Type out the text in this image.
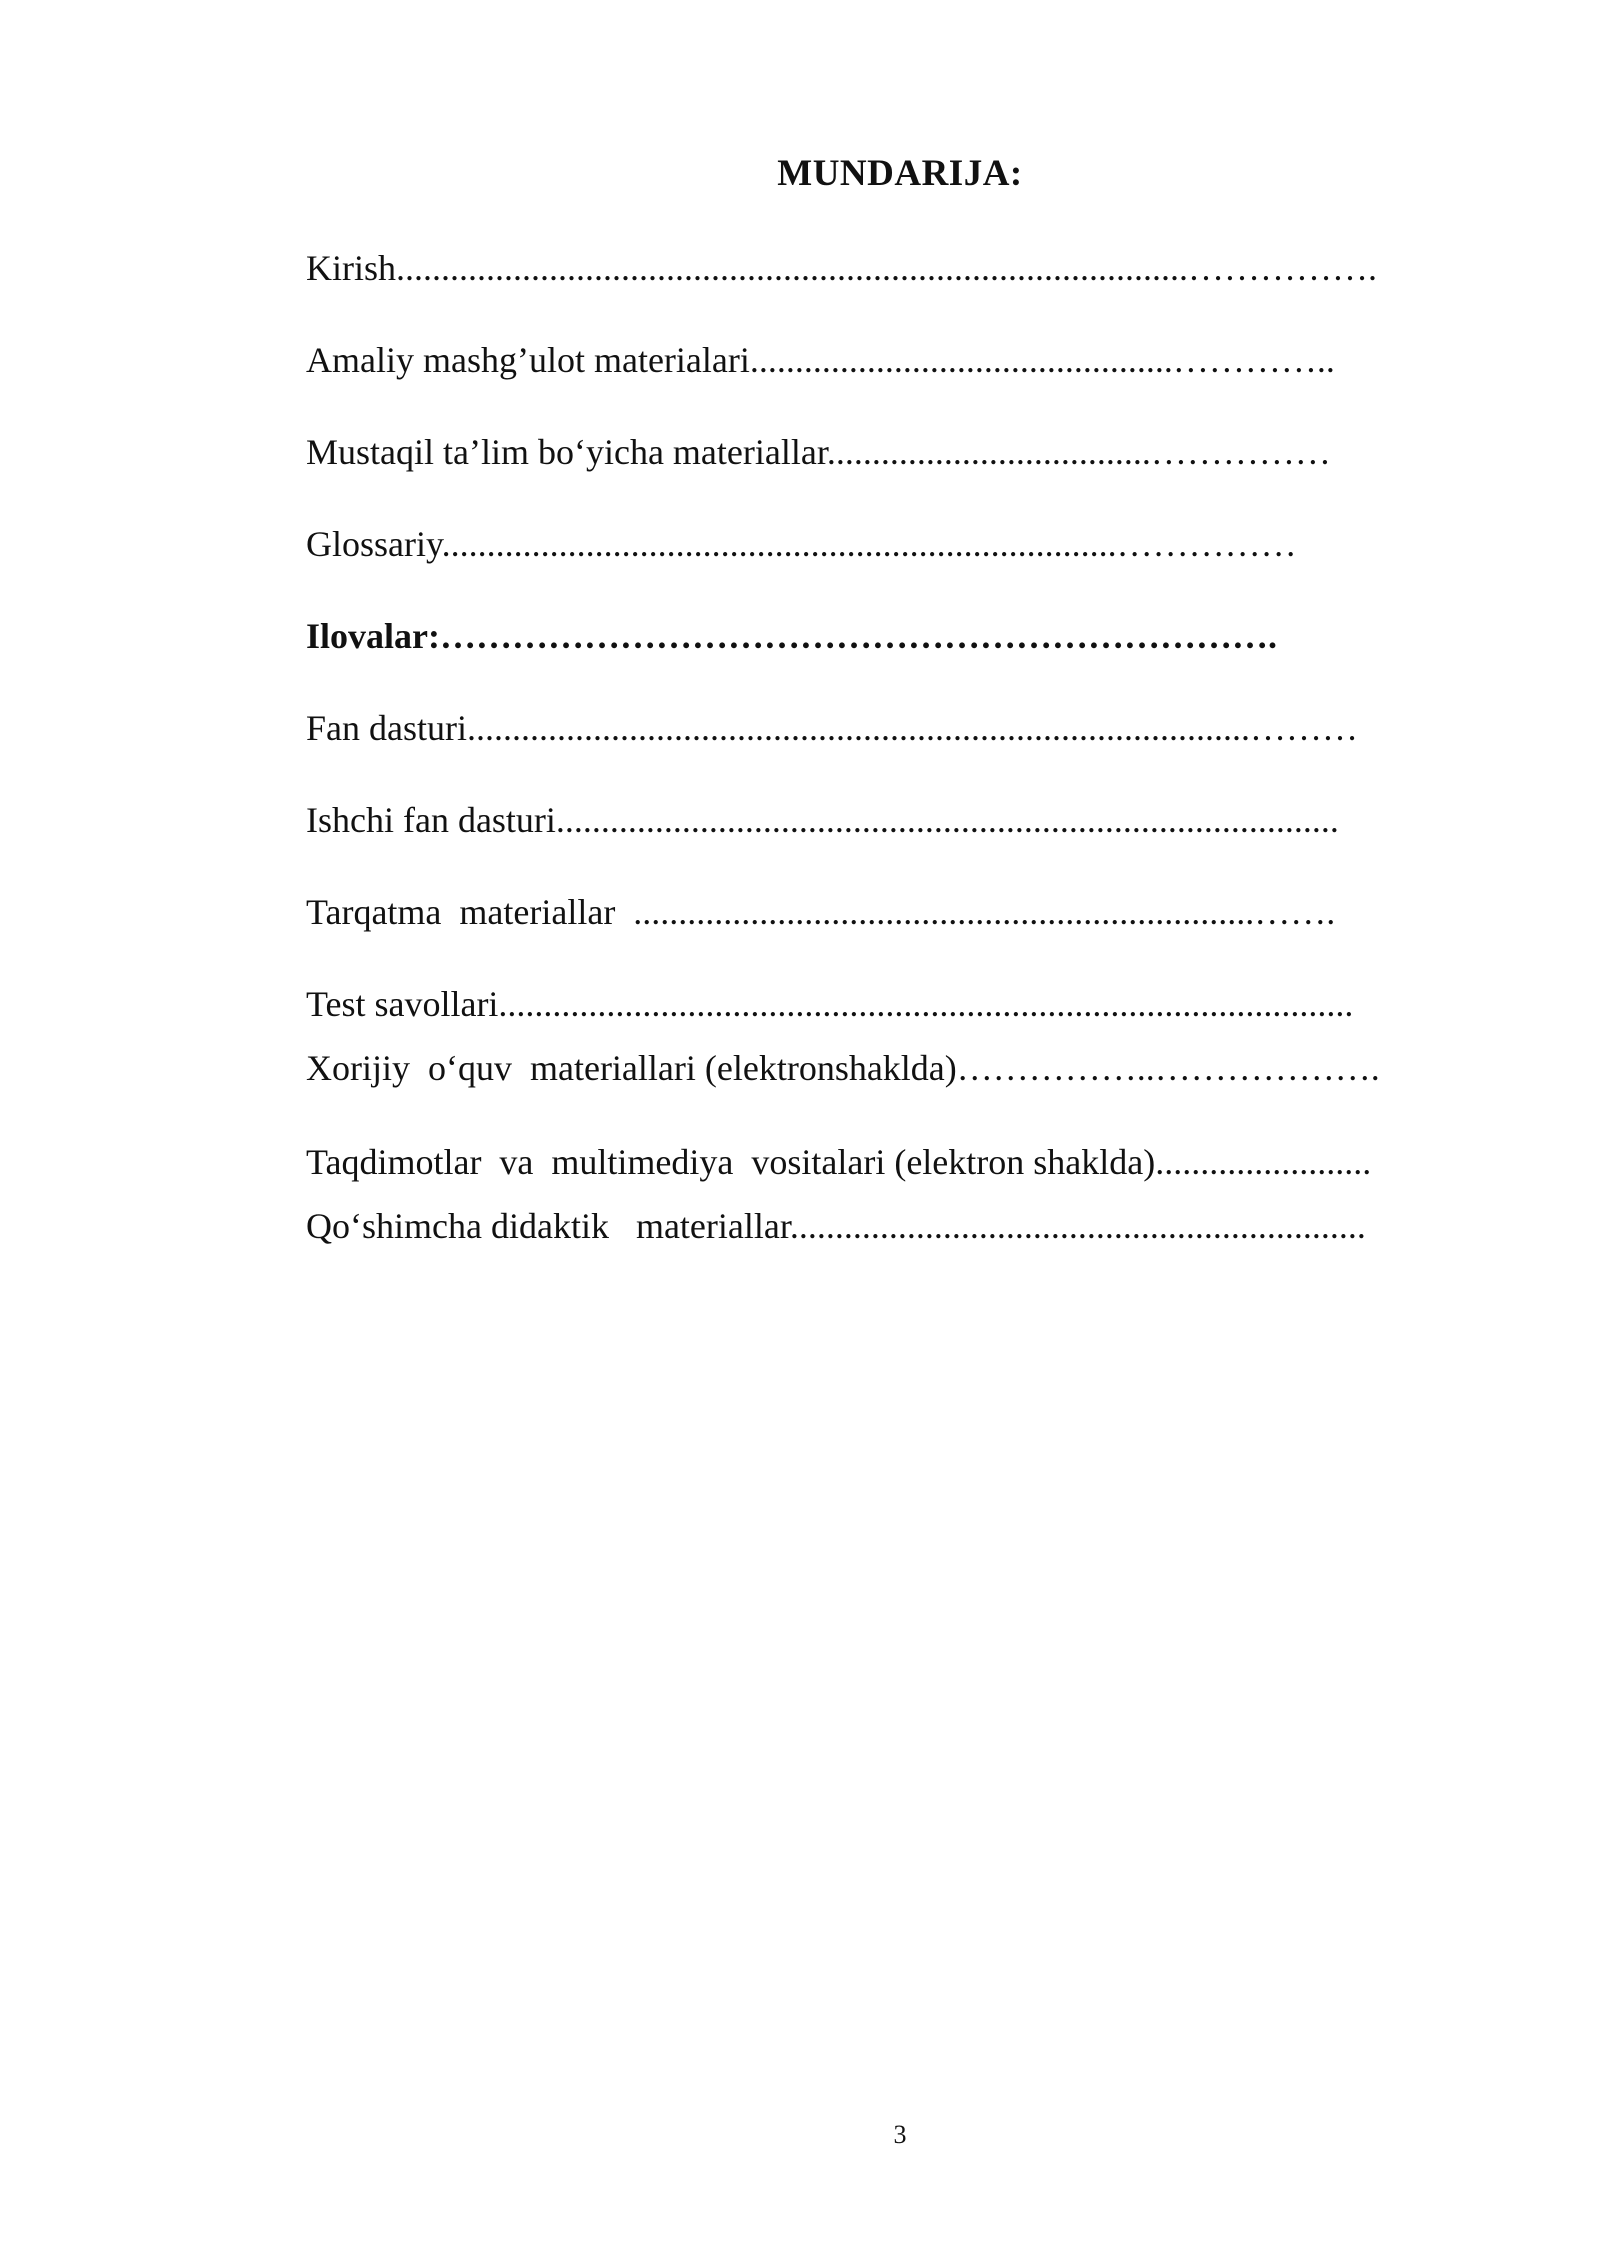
MUNDARIJA:
Kirish........................................................................................…………….
Amaliy mashg’ulot materialari...............................................…………..
Mustaqil ta’lim bo‘yicha materiallar....................................……………
Glossariy...........................................................................……………
Ilovalar:…………………………………………………………….
Fan dasturi.......................................................................................………
Ishchi fan dasturi.......................................................................................
Tarqatma  materiallar  .....................................................................…….
Test savollari...............................................................................................
Xorijiy  o‘quv  materiallari (elektronshaklda)……………..……………….
Taqdimotlar  va  multimediya  vositalari (elektron shaklda)........................
Qo‘shimcha didaktik   materiallar................................................................
3
